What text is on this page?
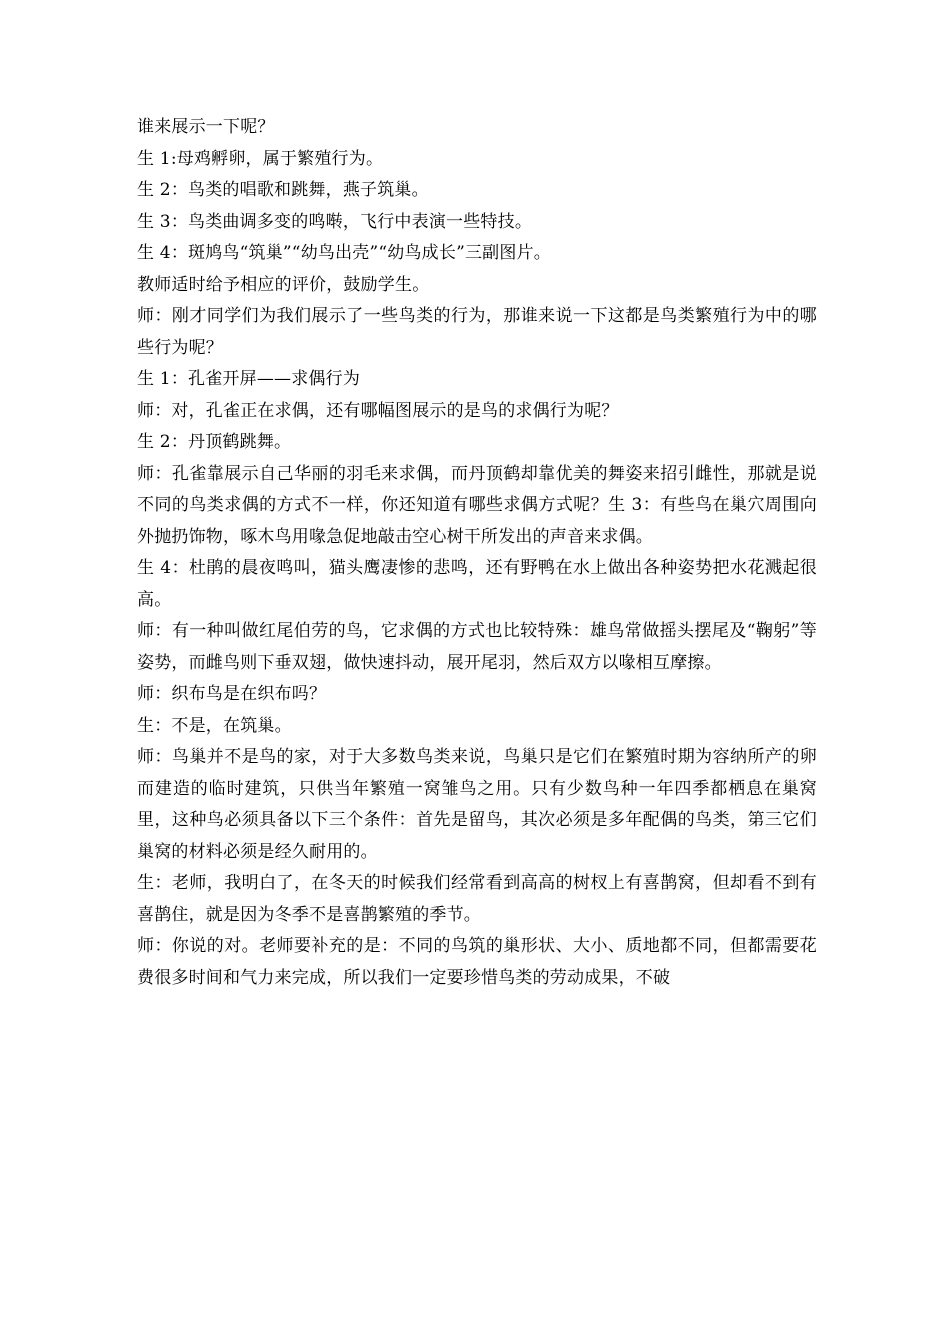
谁来展示一下呢？

生 1:母鸡孵卵，属于繁殖行为。

生 2：鸟类的唱歌和跳舞，燕子筑巢。

生 3：鸟类曲调多变的鸣啭，飞行中表演一些特技。

生 4：斑鸠鸟“筑巢”“幼鸟出壳”“幼鸟成长”三副图片。

教师适时给予相应的评价，鼓励学生。

师：刚才同学们为我们展示了一些鸟类的行为，那谁来说一下这都是鸟类繁殖行为中的哪些行为呢？

生 1：孔雀开屏——求偶行为

师：对，孔雀正在求偶，还有哪幅图展示的是鸟的求偶行为呢？

生 2：丹顶鹤跳舞。

师：孔雀靠展示自己华丽的羽毛来求偶，而丹顶鹤却靠优美的舞姿来招引雌性，那就是说不同的鸟类求偶的方式不一样，你还知道有哪些求偶方式呢？生 3：有些鸟在巢穴周围向外抛扔饰物，啄木鸟用喙急促地敲击空心树干所发出的声音来求偶。

生 4：杜鹃的晨夜鸣叫，猫头鹰凄惨的悲鸣，还有野鸭在水上做出各种姿势把水花溅起很高。

师：有一种叫做红尾伯劳的鸟，它求偶的方式也比较特殊：雄鸟常做摇头摆尾及“鞠躬”等姿势，而雌鸟则下垂双翅，做快速抖动，展开尾羽，然后双方以喙相互摩擦。

师：织布鸟是在织布吗？

生：不是，在筑巢。

师：鸟巢并不是鸟的家，对于大多数鸟类来说，鸟巢只是它们在繁殖时期为容纳所产的卵而建造的临时建筑，只供当年繁殖一窝雏鸟之用。只有少数鸟种一年四季都栖息在巢窝里，这种鸟必须具备以下三个条件：首先是留鸟，其次必须是多年配偶的鸟类，第三它们巢窝的材料必须是经久耐用的。

生：老师，我明白了，在冬天的时候我们经常看到高高的树杈上有喜鹊窝，但却看不到有喜鹊住，就是因为冬季不是喜鹊繁殖的季节。

师：你说的对。老师要补充的是：不同的鸟筑的巢形状、大小、质地都不同，但都需要花费很多时间和气力来完成，所以我们一定要珍惜鸟类的劳动成果，不破
